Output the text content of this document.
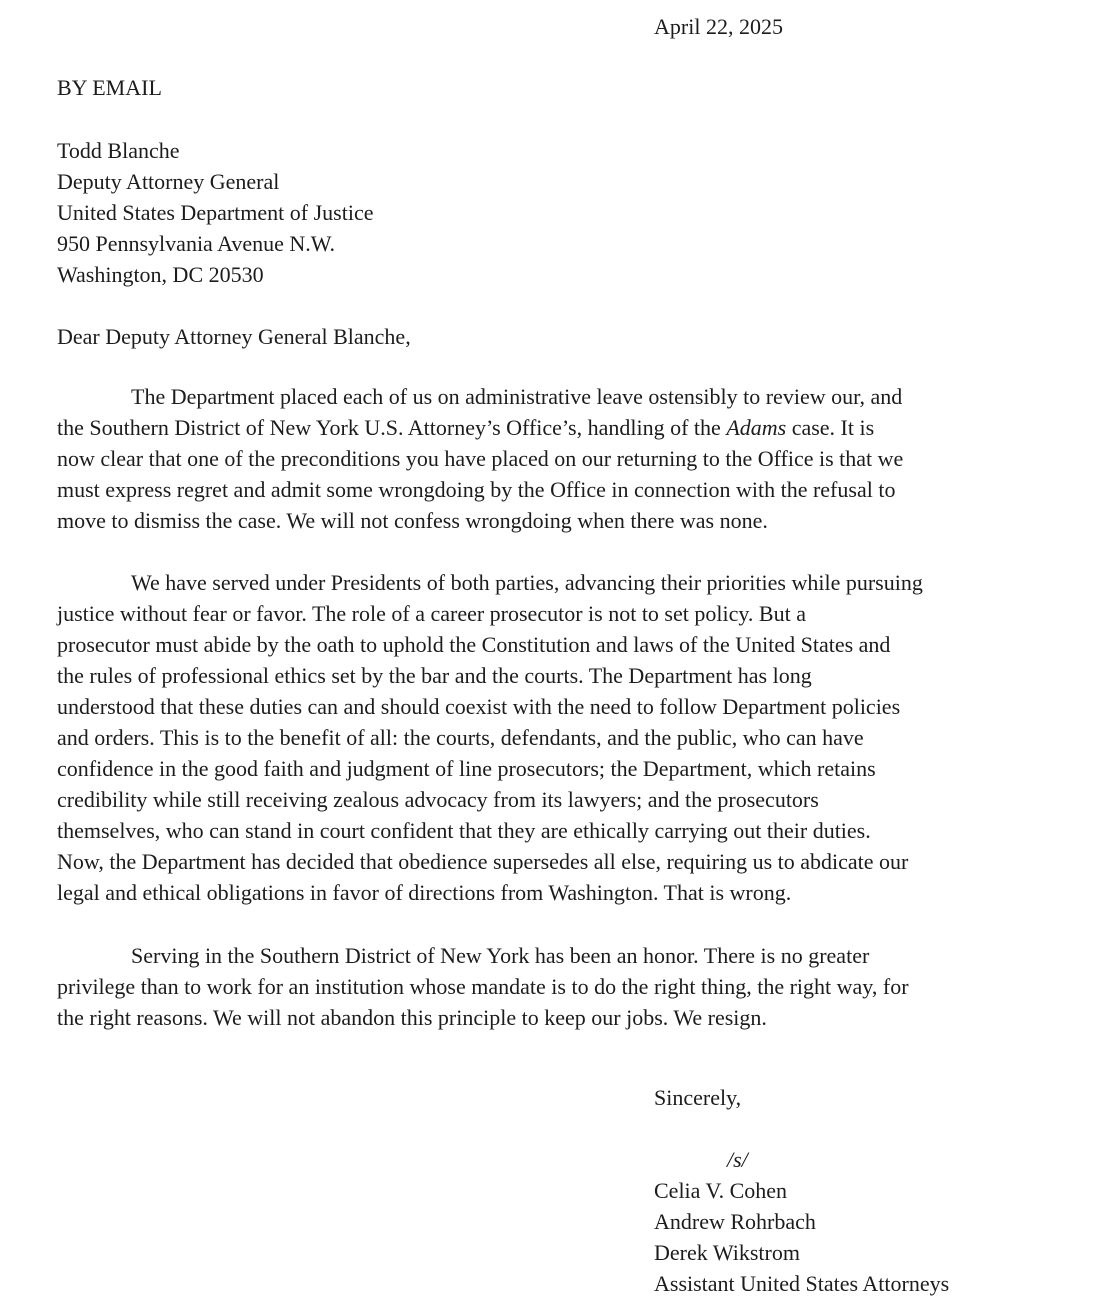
April 22, 2025

BY EMAIL

Todd Blanche
Deputy Attorney General
United States Department of Justice
950 Pennsylvania Avenue N.W.
Washington, DC 20530

Dear Deputy Attorney General Blanche,

The Department placed each of us on administrative leave ostensibly to review our, and
the Southern District of New York U.S. Attorney’s Office’s, handling of the Adams case. It is
now clear that one of the preconditions you have placed on our returning to the Office is that we
must express regret and admit some wrongdoing by the Office in connection with the refusal to
move to dismiss the case. We will not confess wrongdoing when there was none.
We have served under Presidents of both parties, advancing their priorities while pursuing
justice without fear or favor. The role of a career prosecutor is not to set policy. But a
prosecutor must abide by the oath to uphold the Constitution and laws of the United States and
the rules of professional ethics set by the bar and the courts. The Department has long
understood that these duties can and should coexist with the need to follow Department policies
and orders. This is to the benefit of all: the courts, defendants, and the public, who can have
confidence in the good faith and judgment of line prosecutors; the Department, which retains
credibility while still receiving zealous advocacy from its lawyers; and the prosecutors
themselves, who can stand in court confident that they are ethically carrying out their duties.
Now, the Department has decided that obedience supersedes all else, requiring us to abdicate our
legal and ethical obligations in favor of directions from Washington. That is wrong.
Serving in the Southern District of New York has been an honor. There is no greater
privilege than to work for an institution whose mandate is to do the right thing, the right way, for
the right reasons. We will not abandon this principle to keep our jobs. We resign.

Sincerely,

/s/

Celia V. Cohen
Andrew Rohrbach
Derek Wikstrom
Assistant United States Attorneys
